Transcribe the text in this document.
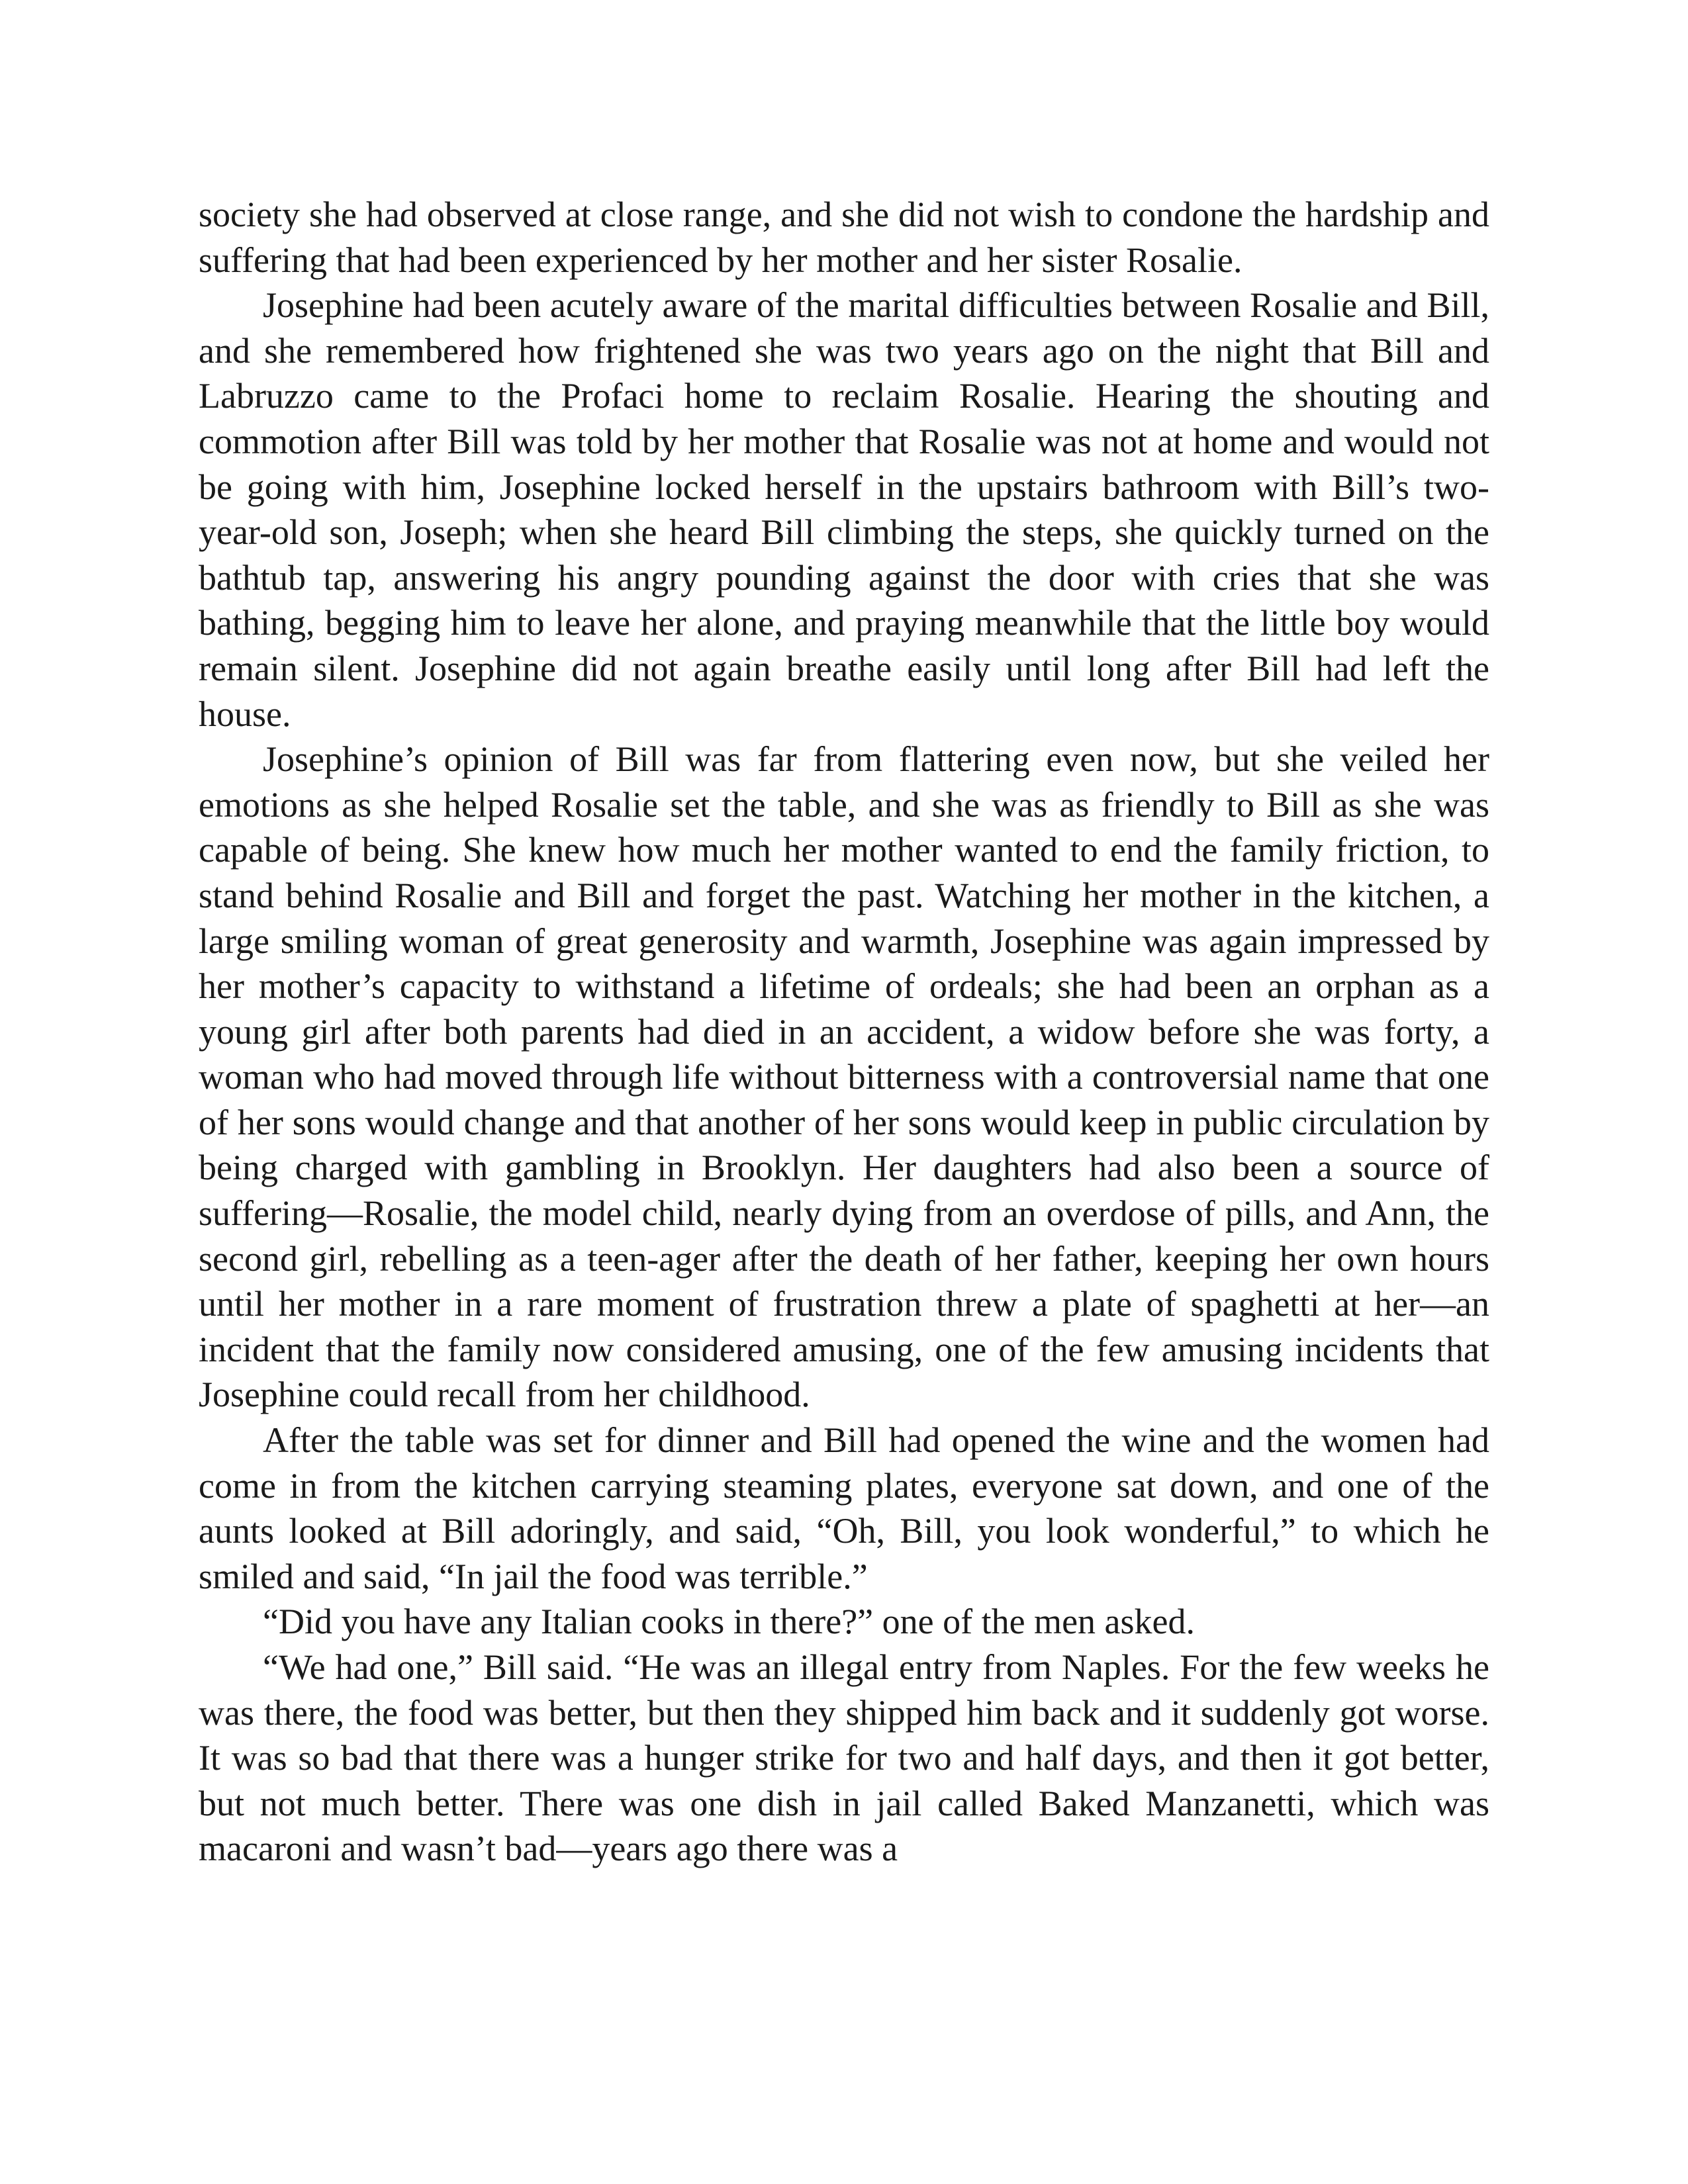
society she had observed at close range, and she did not wish to condone the hardship and suffering that had been experienced by her mother and her sister Rosalie.

Josephine had been acutely aware of the marital difficulties between Rosalie and Bill, and she remembered how frightened she was two years ago on the night that Bill and Labruzzo came to the Profaci home to reclaim Rosalie. Hearing the shouting and commotion after Bill was told by her mother that Rosalie was not at home and would not be going with him, Josephine locked herself in the upstairs bathroom with Bill’s two-year-old son, Joseph; when she heard Bill climbing the steps, she quickly turned on the bathtub tap, answering his angry pounding against the door with cries that she was bathing, begging him to leave her alone, and praying meanwhile that the little boy would remain silent. Josephine did not again breathe easily until long after Bill had left the house.

Josephine’s opinion of Bill was far from flattering even now, but she veiled her emotions as she helped Rosalie set the table, and she was as friendly to Bill as she was capable of being. She knew how much her mother wanted to end the family friction, to stand behind Rosalie and Bill and forget the past. Watching her mother in the kitchen, a large smiling woman of great generosity and warmth, Josephine was again impressed by her mother’s capacity to withstand a lifetime of ordeals; she had been an orphan as a young girl after both parents had died in an accident, a widow before she was forty, a woman who had moved through life without bitterness with a controversial name that one of her sons would change and that another of her sons would keep in public circulation by being charged with gambling in Brooklyn. Her daughters had also been a source of suffering—Rosalie, the model child, nearly dying from an overdose of pills, and Ann, the second girl, rebelling as a teen-ager after the death of her father, keeping her own hours until her mother in a rare moment of frustration threw a plate of spaghetti at her—an incident that the family now considered amusing, one of the few amusing incidents that Josephine could recall from her childhood.

After the table was set for dinner and Bill had opened the wine and the women had come in from the kitchen carrying steaming plates, everyone sat down, and one of the aunts looked at Bill adoringly, and said, “Oh, Bill, you look wonderful,” to which he smiled and said, “In jail the food was terrible.”

“Did you have any Italian cooks in there?” one of the men asked.

“We had one,” Bill said. “He was an illegal entry from Naples. For the few weeks he was there, the food was better, but then they shipped him back and it suddenly got worse. It was so bad that there was a hunger strike for two and half days, and then it got better, but not much better. There was one dish in jail called Baked Manzanetti, which was macaroni and wasn’t bad—years ago there was a
